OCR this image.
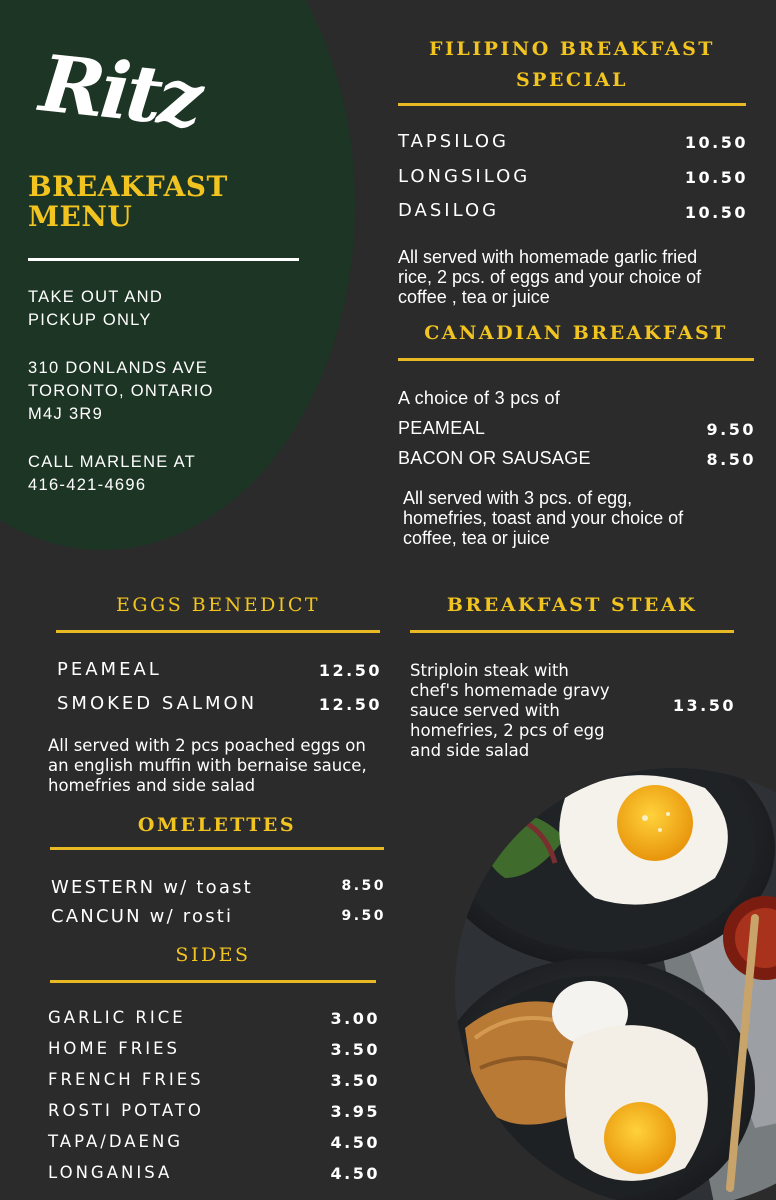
Ritz
BREAKFAST
MENU
TAKE OUT AND
PICKUP ONLY
310 DONLANDS AVE
TORONTO, ONTARIO
M4J 3R9
CALL MARLENE AT
416-421-4696
FILIPINO BREAKFAST
SPECIAL
TAPSILOG	10.50
LONGSILOG	10.50
DASILOG	10.50
All served with homemade garlic fried
rice, 2 pcs. of eggs and your choice of
coffee , tea or juice
CANADIAN BREAKFAST
A choice of 3 pcs of
PEAMEAL	9.50
BACON OR SAUSAGE	8.50
All served with 3 pcs. of egg,
homefries, toast and your choice of
coffee, tea or juice
EGGS BENEDICT
PEAMEAL	12.50
SMOKED SALMON	12.50
All served with 2 pcs poached eggs on
an english muffin with bernaise sauce,
homefries and side salad
BREAKFAST STEAK
Striploin steak with
chef's homemade gravy
sauce served with
homefries, 2 pcs of egg
and side salad
13.50
OMELETTES
WESTERN w/ toast	8.50
CANCUN w/ rosti	9.50
SIDES
GARLIC RICE	3.00
HOME FRIES	3.50
FRENCH FRIES	3.50
ROSTI POTATO	3.95
TAPA/DAENG	4.50
LONGANISA	4.50
